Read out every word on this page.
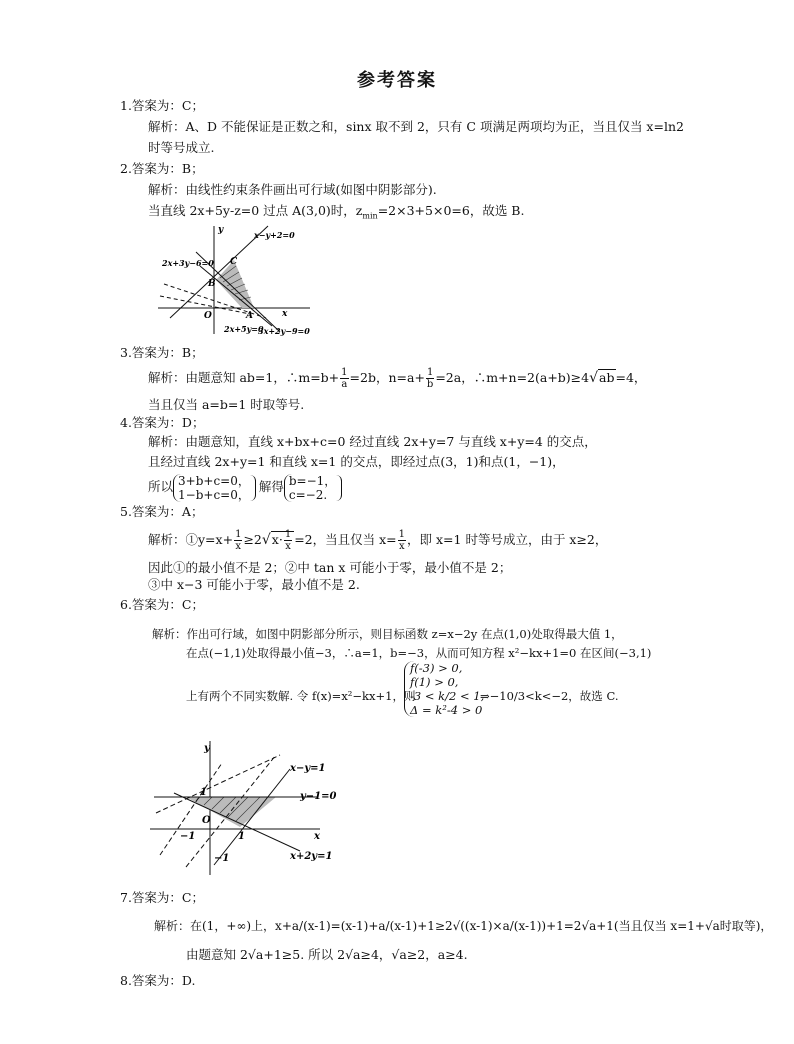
参考答案
1.答案为：C；
解析：A、D 不能保证是正数之和，sinx 取不到 2，只有 C 项满足两项均为正，当且仅当 x=ln2
时等号成立.
2.答案为：B；
解析：由线性约束条件画出可行域(如图中阴影部分).
当直线 2x+5y-z=0 过点 A(3,0)时，$z_{min}=2\times 3+5\times 0=6$，故选 B.
x−y+2=0
2x+3y−6=0
2x+5y=0
3x+2y−9=0
C
B
A
O	x
y
3.答案为：B；
解析：由题意知 ab=1，∴m=b+ $\frac{1}{a} =2b$，$n=a+ \frac{1}{b} =2a$，∴m+n=2(a+b)≥4√ab=4，
当且仅当 a=b=1 时取等号.
4.答案为：D；
解析：由题意知，直线 x+bx+c=0 经过直线 2x+y=7 与直线 x+y=4 的交点，
且经过直线 2x+y=1 和直线 x=1 的交点，即经过点(3，1)和点(1，−1)，
所以 3+b+c=0，
1−b+c=0，
解得 b=−1，
c=−2.
5.答案为：A；
解析：①y=x+ $\frac{1}{x} \ge 2√x\cdot \frac{1}{x} =2$，当且仅当 $x= \frac{1}{x}$ ，即 x=1 时等号成立，由于 x≥2，
因此①的最小值不是 2；②中 tan x 可能小于零，最小值不是 2；
③中 x−3 可能小于零，最小值不是 2.
6.答案为：C；
解析：作出可行域，如图中阴影部分所示，则目标函数 z=x−2y 在点(1,0)处取得最大值 1，
在点(−1,1)处取得最小值−3，∴a=1，b=−3，从而可知方程 x²−kx+1=0 在区间(−3,1)
上有两个不同实数解. 令 f(x)=x²−kx+1，则
f(-3) > 0,
f(1) > 0,
-3 < k/2 < 1,
Δ = k²-4 > 0
⇒−10/3<k<−2，故选 C.
y
x
x−y=1
y−1=0
x+2y=1
1
O
−1	1
−1
7.答案为：C；
解析：在(1，+∞)上，x+a/(x-1)=(x-1)+a/(x-1)+1≥2√((x-1)×a/(x-1))+1=2√a+1(当且仅当 x=1+√a时取等)，
由题意知 2√a+1≥5. 所以 2√a≥4，√a≥2，a≥4.
8.答案为：D.
